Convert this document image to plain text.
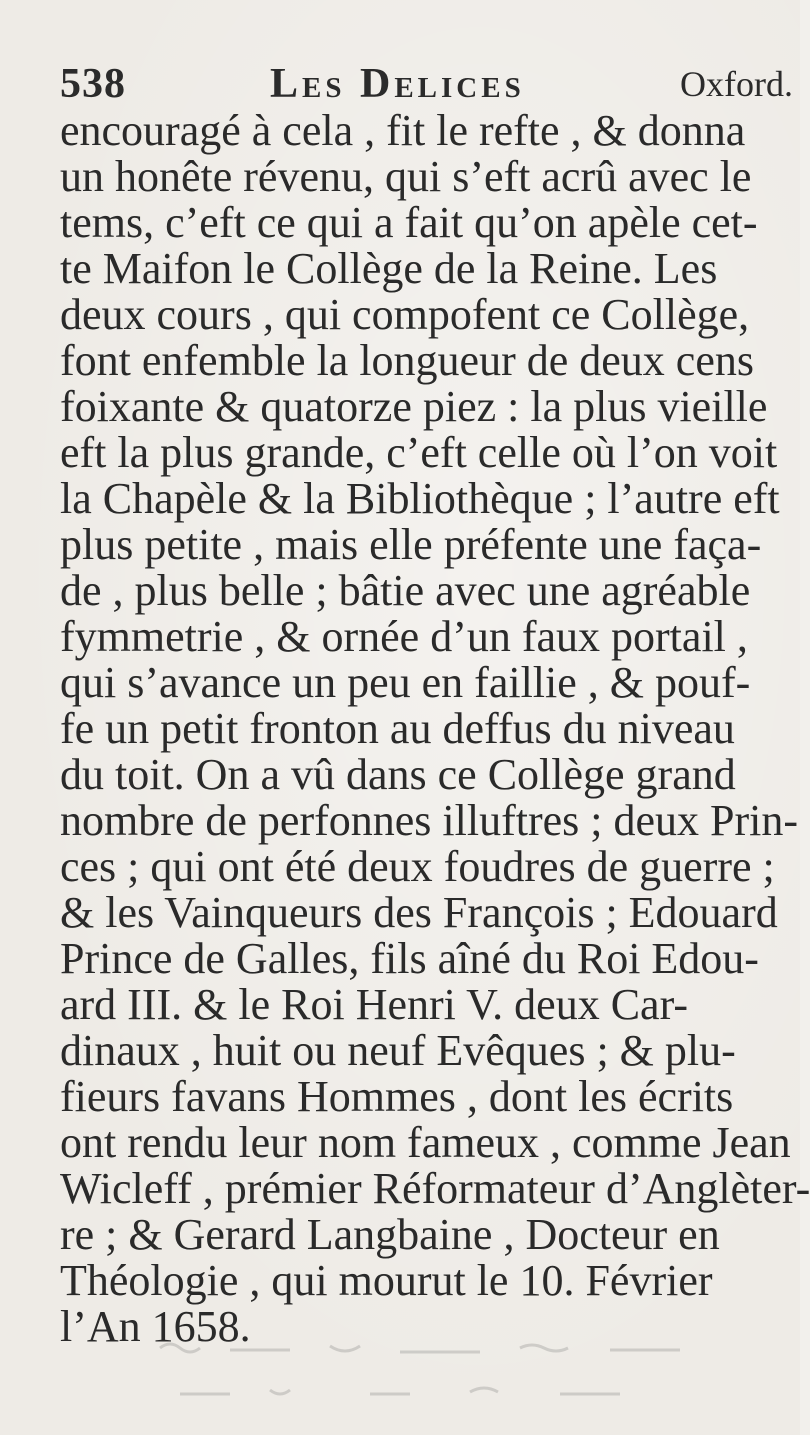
538	Les Delices	Oxford.
encouragé à cela , fit le refte , & donna
un honête révenu, qui s’eft acrû avec le
tems, c’eft ce qui a fait qu’on apèle cet-
te Maifon le Collège de la Reine. Les
deux cours , qui compofent ce Collège,
font enfemble la longueur de deux cens
foixante & quatorze piez : la plus vieille
eft la plus grande, c’eft celle où l’on voit
la Chapèle & la Bibliothèque ; l’autre eft
plus petite , mais elle préfente une faça-
de , plus belle ; bâtie avec une agréable
fymmetrie , & ornée d’un faux portail ,
qui s’avance un peu en faillie , & pouf-
fe un petit fronton au deffus du niveau
du toit. On a vû dans ce Collège grand
nombre de perfonnes illuftres ; deux Prin-
ces ; qui ont été deux foudres de guerre ;
& les Vainqueurs des François ; Edouard
Prince de Galles, fils aîné du Roi Edou-
ard III. & le Roi Henri V. deux Car-
dinaux , huit ou neuf Evêques ; & plu-
fieurs favans Hommes , dont les écrits
ont rendu leur nom fameux , comme Jean
Wicleff , prémier Réformateur d’Anglèter-
re ; & Gerard Langbaine , Docteur en
Théologie , qui mourut le 10. Février
l’An 1658.
